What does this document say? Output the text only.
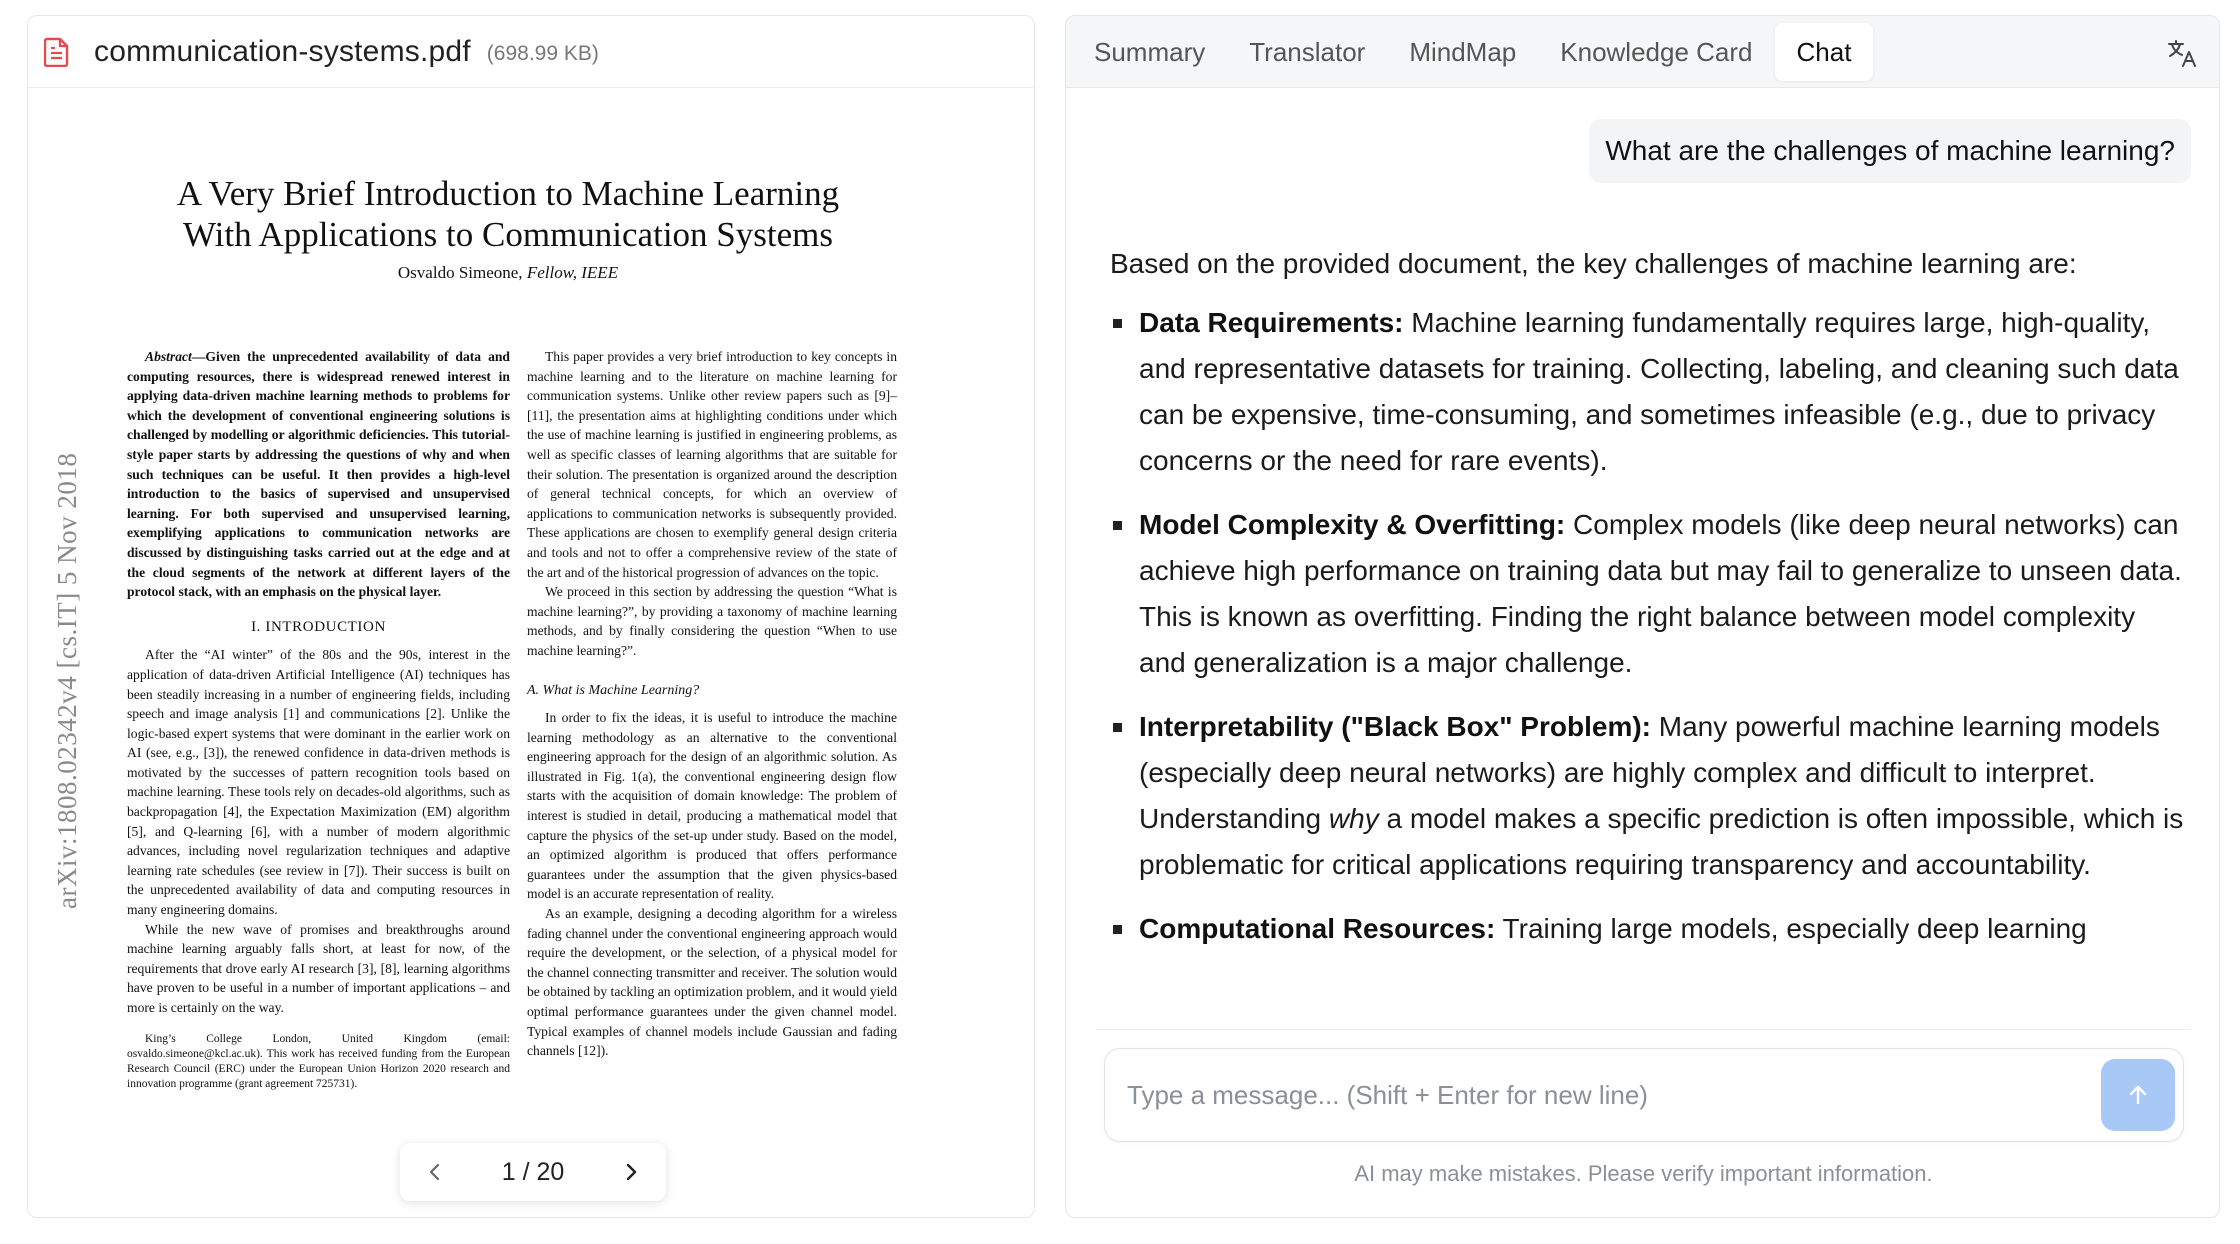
communication-systems.pdf (698.99 KB)
A Very Brief Introduction to Machine Learning
With Applications to Communication Systems
Osvaldo Simeone, Fellow, IEEE
arXiv:1808.02342v4 [cs.IT] 5 Nov 2018

Abstract—Given the unprecedented availability of data and computing resources, there is widespread renewed interest in applying data-driven machine learning methods to problems for which the development of conventional engineering solutions is challenged by modelling or algorithmic deficiencies. This tutorial-style paper starts by addressing the questions of why and when such techniques can be useful. It then provides a high-level introduction to the basics of supervised and unsupervised learning. For both supervised and unsupervised learning, exemplifying applications to communication networks are discussed by distinguishing tasks carried out at the edge and at the cloud segments of the network at different layers of the protocol stack, with an emphasis on the physical layer.

I. INTRODUCTION

After the “AI winter” of the 80s and the 90s, interest in the application of data-driven Artificial Intelligence (AI) techniques has been steadily increasing in a number of engineering fields, including speech and image analysis [1] and communications [2]. Unlike the logic-based expert systems that were dominant in the earlier work on AI (see, e.g., [3]), the renewed confidence in data-driven methods is motivated by the successes of pattern recognition tools based on machine learning. These tools rely on decades-old algorithms, such as backpropagation [4], the Expectation Maximization (EM) algorithm [5], and Q-learning [6], with a number of modern algorithmic advances, including novel regularization techniques and adaptive learning rate schedules (see review in [7]). Their success is built on the unprecedented availability of data and computing resources in many engineering domains.

While the new wave of promises and breakthroughs around machine learning arguably falls short, at least for now, of the requirements that drove early AI research [3], [8], learning algorithms have proven to be useful in a number of important applications – and more is certainly on the way.

King’s College London, United Kingdom (email: osvaldo.simeone@kcl.ac.uk). This work has received funding from the European Research Council (ERC) under the European Union Horizon 2020 research and innovation programme (grant agreement 725731).

This paper provides a very brief introduction to key concepts in machine learning and to the literature on machine learning for communication systems. Unlike other review papers such as [9]–[11], the presentation aims at highlighting conditions under which the use of machine learning is justified in engineering problems, as well as specific classes of learning algorithms that are suitable for their solution. The presentation is organized around the description of general technical concepts, for which an overview of applications to communication networks is subsequently provided. These applications are chosen to exemplify general design criteria and tools and not to offer a comprehensive review of the state of the art and of the historical progression of advances on the topic.

We proceed in this section by addressing the question “What is machine learning?”, by providing a taxonomy of machine learning methods, and by finally considering the question “When to use machine learning?”.

A. What is Machine Learning?

In order to fix the ideas, it is useful to introduce the machine learning methodology as an alternative to the conventional engineering approach for the design of an algorithmic solution. As illustrated in Fig. 1(a), the conventional engineering design flow starts with the acquisition of domain knowledge: The problem of interest is studied in detail, producing a mathematical model that capture the physics of the set-up under study. Based on the model, an optimized algorithm is produced that offers performance guarantees under the assumption that the given physics-based model is an accurate representation of reality.

As an example, designing a decoding algorithm for a wireless fading channel under the conventional engineering approach would require the development, or the selection, of a physical model for the channel connecting transmitter and receiver. The solution would be obtained by tackling an optimization problem, and it would yield optimal performance guarantees under the given channel model. Typical examples of channel models include Gaussian and fading channels [12]).

1 / 20
Summary	Translator	MindMap	Knowledge Card	Chat
What are the challenges of machine learning?

Based on the provided document, the key challenges of machine learning are:

Data Requirements: Machine learning fundamentally requires large, high-quality, and representative datasets for training. Collecting, labeling, and cleaning such data can be expensive, time-consuming, and sometimes infeasible (e.g., due to privacy concerns or the need for rare events).
Model Complexity & Overfitting: Complex models (like deep neural networks) can achieve high performance on training data but may fail to generalize to unseen data. This is known as overfitting. Finding the right balance between model complexity and generalization is a major challenge.
Interpretability ("Black Box" Problem): Many powerful machine learning models (especially deep neural networks) are highly complex and difficult to interpret. Understanding why a model makes a specific prediction is often impossible, which is problematic for critical applications requiring transparency and accountability.
Computational Resources: Training large models, especially deep learning
Type a message... (Shift + Enter for new line)
AI may make mistakes. Please verify important information.
